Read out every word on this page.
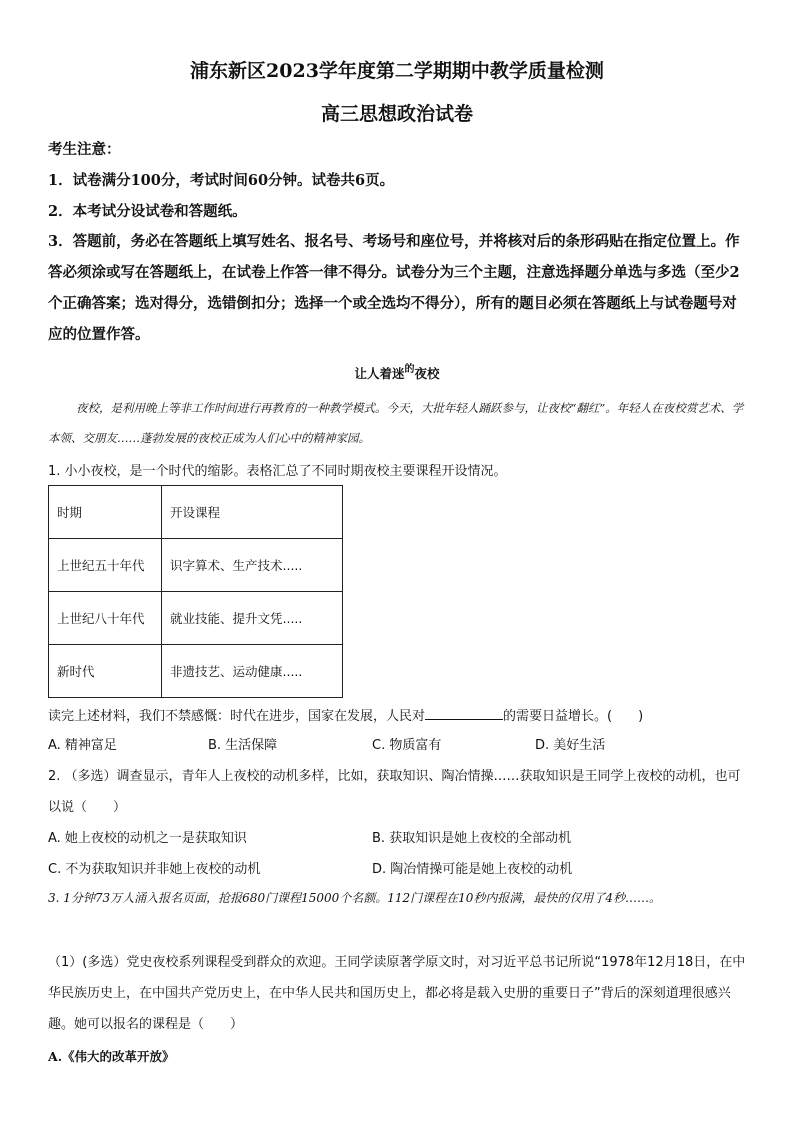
浦东新区2023学年度第二学期期中教学质量检测
高三思想政治试卷
考生注意：
1．试卷满分100分，考试时间60分钟。试卷共6页。
2．本考试分设试卷和答题纸。
3．答题前，务必在答题纸上填写姓名、报名号、考场号和座位号，并将核对后的条形码贴在指定位置上。作答必须涂或写在答题纸上，在试卷上作答一律不得分。试卷分为三个主题，注意选择题分单选与多选（至少2个正确答案；选对得分，选错倒扣分；选择一个或全选均不得分），所有的题目必须在答题纸上与试卷题号对应的位置作答。
让人着迷$^的$夜校
夜校，是利用晚上等非工作时间进行再教育的一种教学模式。今天，大批年轻人踊跃参与，让夜校“翻红”。年轻人在夜校赏艺术、学本领、交朋友……蓬勃发展的夜校正成为人们心中的精神家园。
1. 小小夜校，是一个时代的缩影。表格汇总了不同时期夜校主要课程开设情况。
时期	开设课程
上世纪五十年代	识字算术、生产技术.....
上世纪八十年代	就业技能、提升文凭.....
新时代	非遗技艺、运动健康.....
读完上述材料，我们不禁感慨：时代在进步，国家在发展，人民对	的需要日益增长。(　　)
A. 精神富足	B. 生活保障	C. 物质富有	D. 美好生活
2. （多选）调查显示，青年人上夜校的动机多样，比如，获取知识、陶冶情操……获取知识是王同学上夜校的动机，也可以说（　　）
A. 她上夜校的动机之一是获取知识	B. 获取知识是她上夜校的全部动机
C. 不为获取知识并非她上夜校的动机	D. 陶冶情操可能是她上夜校的动机
3. 1分钟73万人涌入报名页面，抢报680门课程15000个名额。112门课程在10秒内报满，最快的仅用了4秒……。
（1）(多选）党史夜校系列课程受到群众的欢迎。王同学读原著学原文时，对习近平总书记所说“1978年12月18日，在中华民族历史上，在中国共产党历史上，在中华人民共和国历史上，都必将是载入史册的重要日子”背后的深刻道理很感兴趣。她可以报名的课程是（　　）
A.《伟大的改革开放》
